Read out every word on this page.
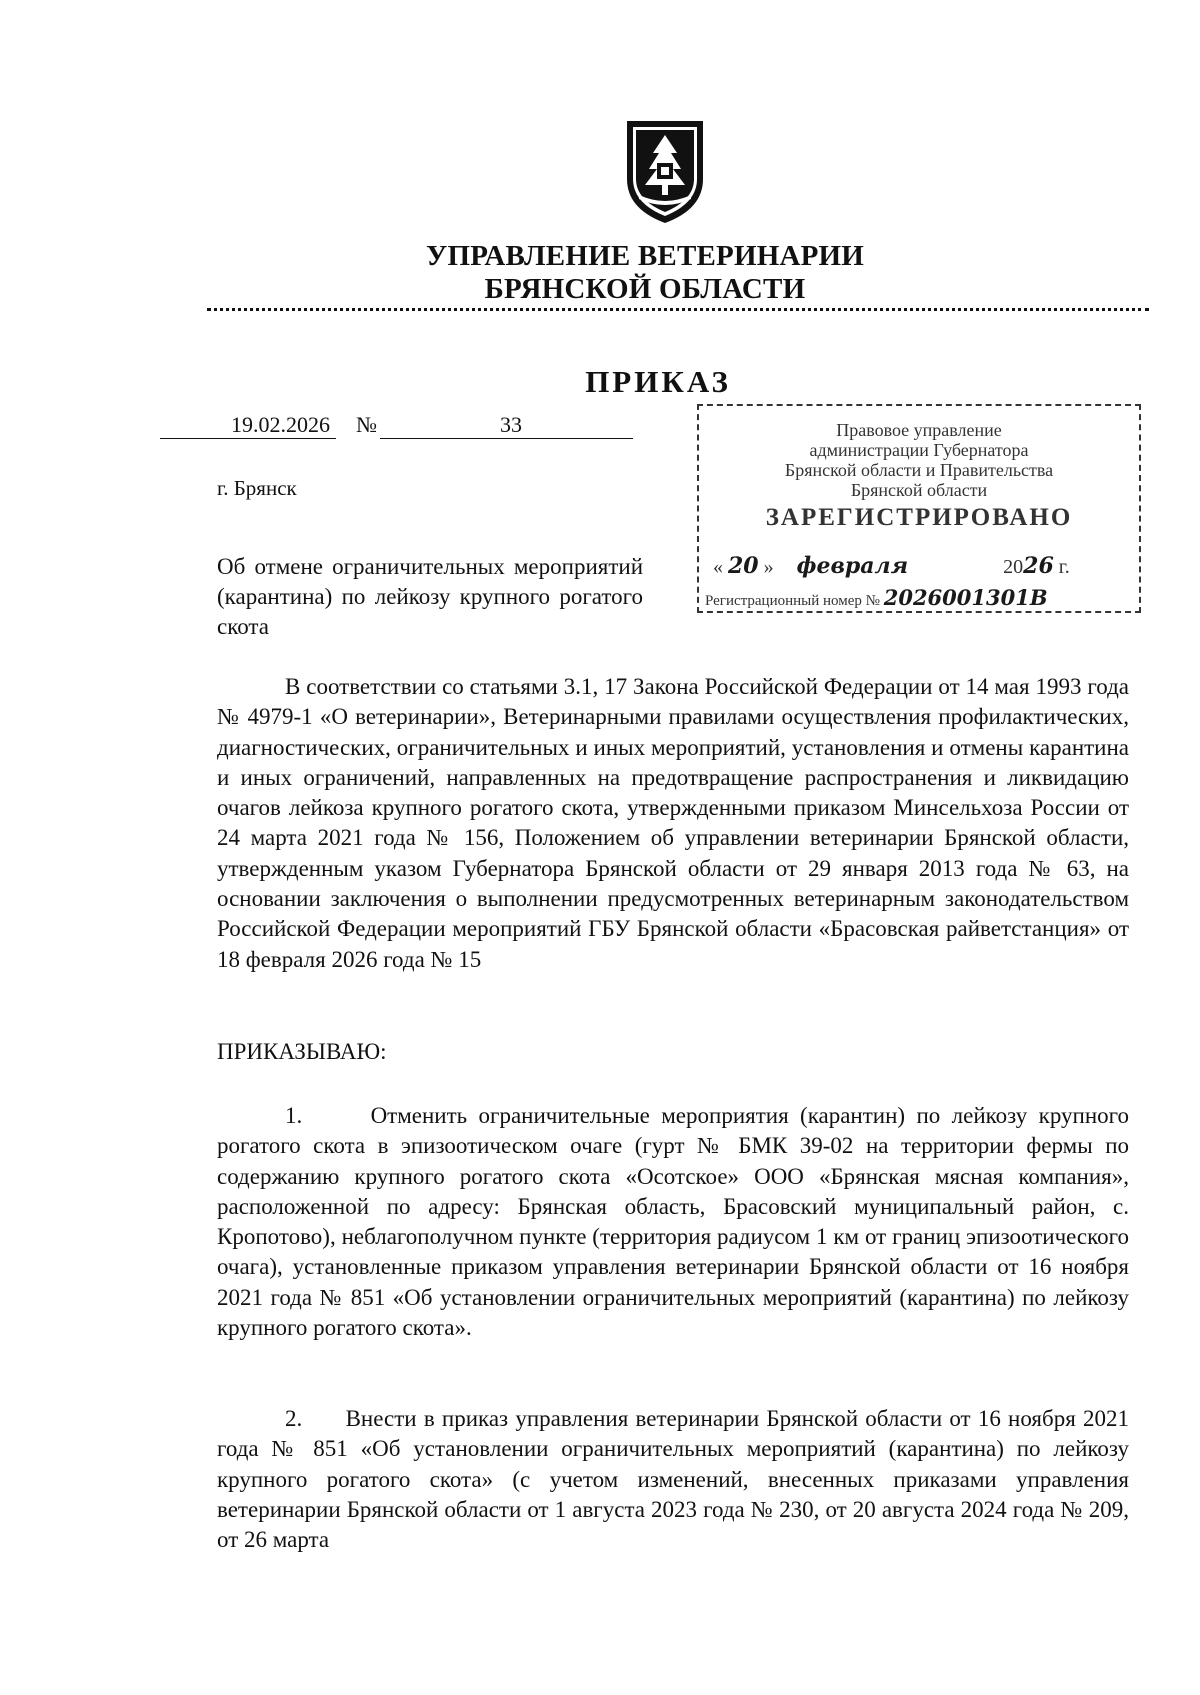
УПРАВЛЕНИЕ ВЕТЕРИНАРИИ
БРЯНСКОЙ ОБЛАСТИ
ПРИКАЗ
19.02.2026 №	33
г. Брянск
Об отмене ограничительных мероприятий (карантина) по лейкозу крупного рогатого скота
Правовое управление
администрации Губернатора
Брянской области и Правительства
Брянской области
ЗАРЕГИСТРИРОВАНО
« 20 » февраля	2026 г.
Регистрационный номер № 2026001301B

В соответствии со статьями 3.1, 17 Закона Российской Федерации от 14 мая 1993 года № 4979-1 «О ветеринарии», Ветеринарными правилами осуществления профилактических, диагностических, ограничительных и иных мероприятий, установления и отмены карантина и иных ограничений, направленных на предотвращение распространения и ликвидацию очагов лейкоза крупного рогатого скота, утвержденными приказом Минсельхоза России от 24 марта 2021 года № 156, Положением об управлении ветеринарии Брянской области, утвержденным указом Губернатора Брянской области от 29 января 2013 года № 63, на основании заключения о выполнении предусмотренных ветеринарным законодательством Российской Федерации мероприятий ГБУ Брянской области «Брасовская райветстанция» от 18 февраля 2026 года № 15

ПРИКАЗЫВАЮ:

1.	Отменить ограничительные мероприятия (карантин) по лейкозу крупного рогатого скота в эпизоотическом очаге (гурт № БМК 39-02 на территории фермы по содержанию крупного рогатого скота «Осотское» ООО «Брянская мясная компания», расположенной по адресу: Брянская область, Брасовский муниципальный район, с. Кропотово), неблагополучном пункте (территория радиусом 1 км от границ эпизоотического очага), установленные приказом управления ветеринарии Брянской области от 16 ноября 2021 года № 851 «Об установлении ограничительных мероприятий (карантина) по лейкозу крупного рогатого скота».

2. Внести в приказ управления ветеринарии Брянской области от 16 ноября 2021 года № 851 «Об установлении ограничительных мероприятий (карантина) по лейкозу крупного рогатого скота» (с учетом изменений, внесенных приказами управления ветеринарии Брянской области от 1 августа 2023 года № 230, от 20 августа 2024 года № 209, от 26 марта
